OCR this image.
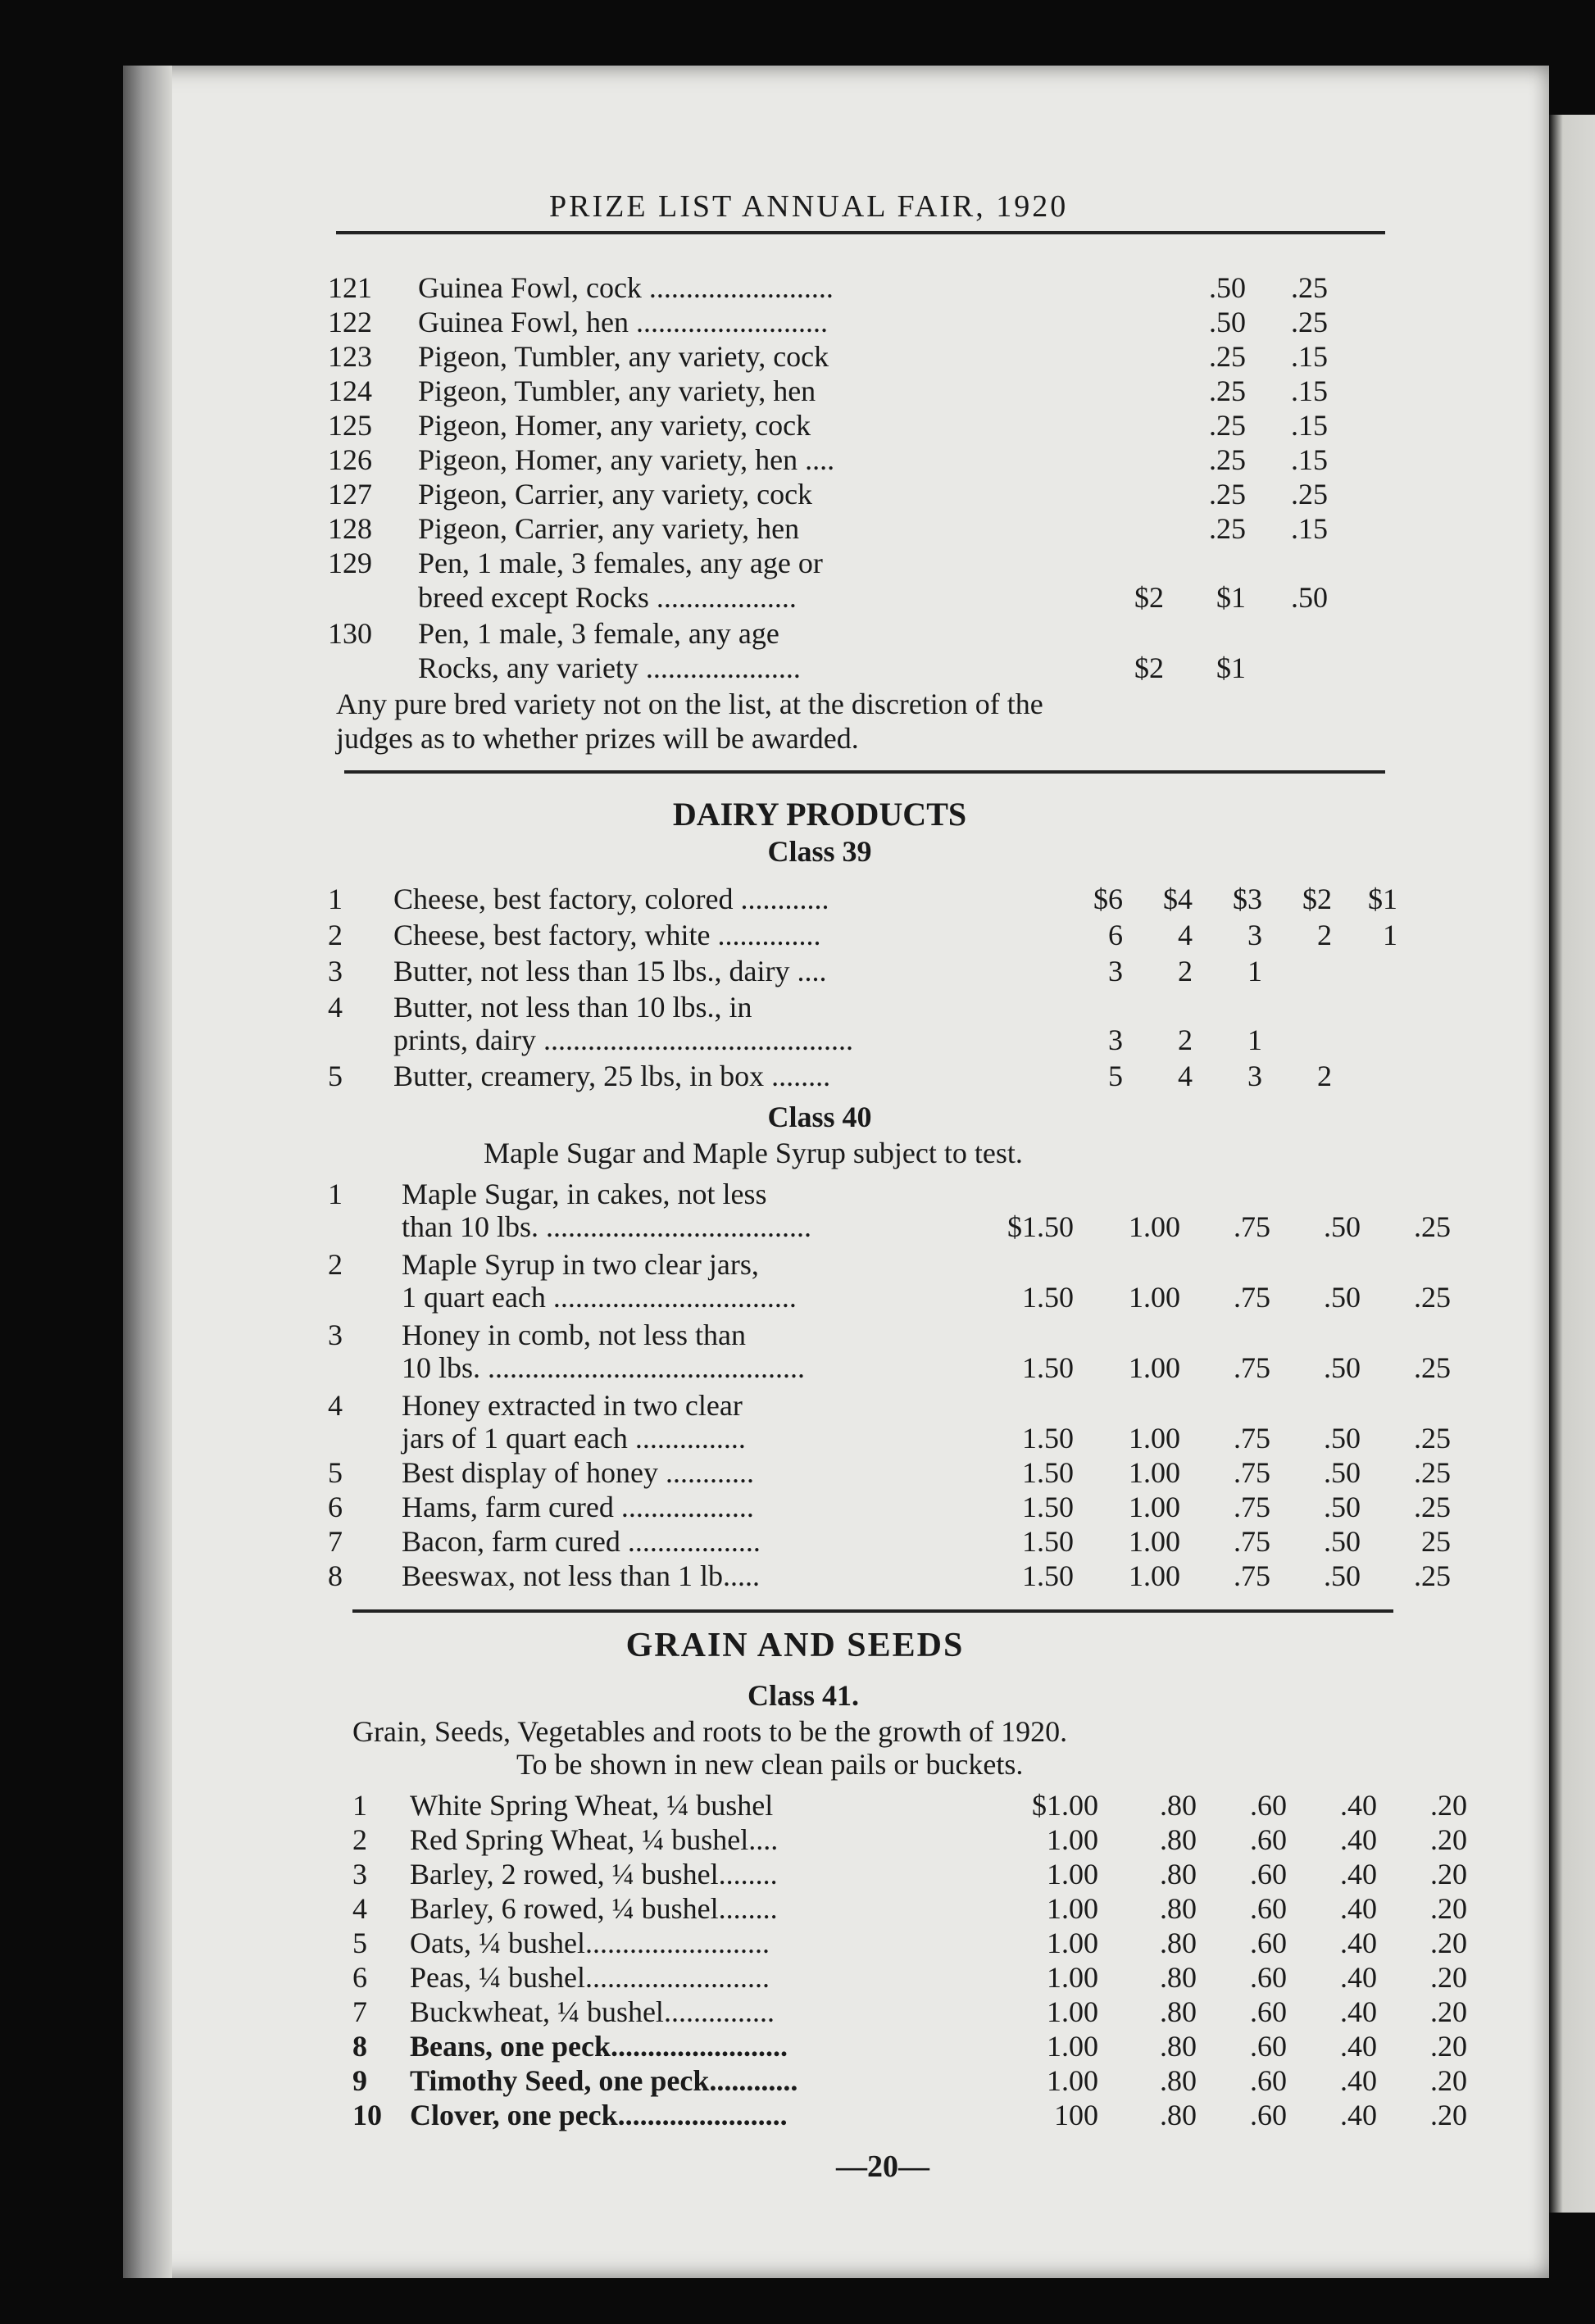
PRIZE LIST ANNUAL FAIR, 1920
121 Guinea Fowl, cock .........................	.50	.25
122 Guinea Fowl, hen ..........................	.50	.25
123 Pigeon, Tumbler, any variety, cock	.25	.15
124 Pigeon, Tumbler, any variety, hen	.25	.15
125 Pigeon, Homer, any variety, cock	.25	.15
126 Pigeon, Homer, any variety, hen ....	.25	.15
127 Pigeon, Carrier, any variety, cock	.25	.25
128 Pigeon, Carrier, any variety, hen	.25	.15
129 Pen, 1 male, 3 females, any age or
breed except Rocks ...................	$2	$1	.50
130 Pen, 1 male, 3 female, any age
Rocks, any variety .....................	$2	$1
Any pure bred variety not on the list, at the discretion of the
judges as to whether prizes will be awarded.
DAIRY PRODUCTS
Class 39
1 Cheese, best factory, colored ............	$6	$4	$3	$2	$1
2 Cheese, best factory, white ..............	6	4	3	2	1
3 Butter, not less than 15 lbs., dairy ....	3	2	1
4 Butter, not less than 10 lbs., in
prints, dairy ..........................................	3	2	1
5 Butter, creamery, 25 lbs, in box ........	5	4	3	2
Class 40
Maple Sugar and Maple Syrup subject to test.
1 Maple Sugar, in cakes, not less
than 10 lbs. ....................................	$1.50	1.00	.75	.50	.25
2 Maple Syrup in two clear jars,
1 quart each .................................	1.50	1.00	.75	.50	.25
3 Honey in comb, not less than
10 lbs. ...........................................	1.50	1.00	.75	.50	.25
4 Honey extracted in two clear
jars of 1 quart each ...............	1.50	1.00	.75	.50	.25
5 Best display of honey ............	1.50	1.00	.75	.50	.25
6 Hams, farm cured ..................	1.50	1.00	.75	.50	.25
7 Bacon, farm cured ..................	1.50	1.00	.75	.50	25
8 Beeswax, not less than 1 lb.....	1.50	1.00	.75	.50	.25
GRAIN AND SEEDS
Class 41.
Grain, Seeds, Vegetables and roots to be the growth of 1920.
To be shown in new clean pails or buckets.
1 White Spring Wheat, ¼ bushel	$1.00	.80	.60	.40	.20
2 Red Spring Wheat, ¼ bushel....	1.00	.80	.60	.40	.20
3 Barley, 2 rowed, ¼ bushel........	1.00	.80	.60	.40	.20
4 Barley, 6 rowed, ¼ bushel........	1.00	.80	.60	.40	.20
5 Oats, ¼ bushel.........................	1.00	.80	.60	.40	.20
6 Peas, ¼ bushel.........................	1.00	.80	.60	.40	.20
7 Buckwheat, ¼ bushel...............	1.00	.80	.60	.40	.20
8 Beans, one peck........................	1.00	.80	.60	.40	.20
9 Timothy Seed, one peck............	1.00	.80	.60	.40	.20
10 Clover, one peck.......................	100	.80	.60	.40	.20
—20—
